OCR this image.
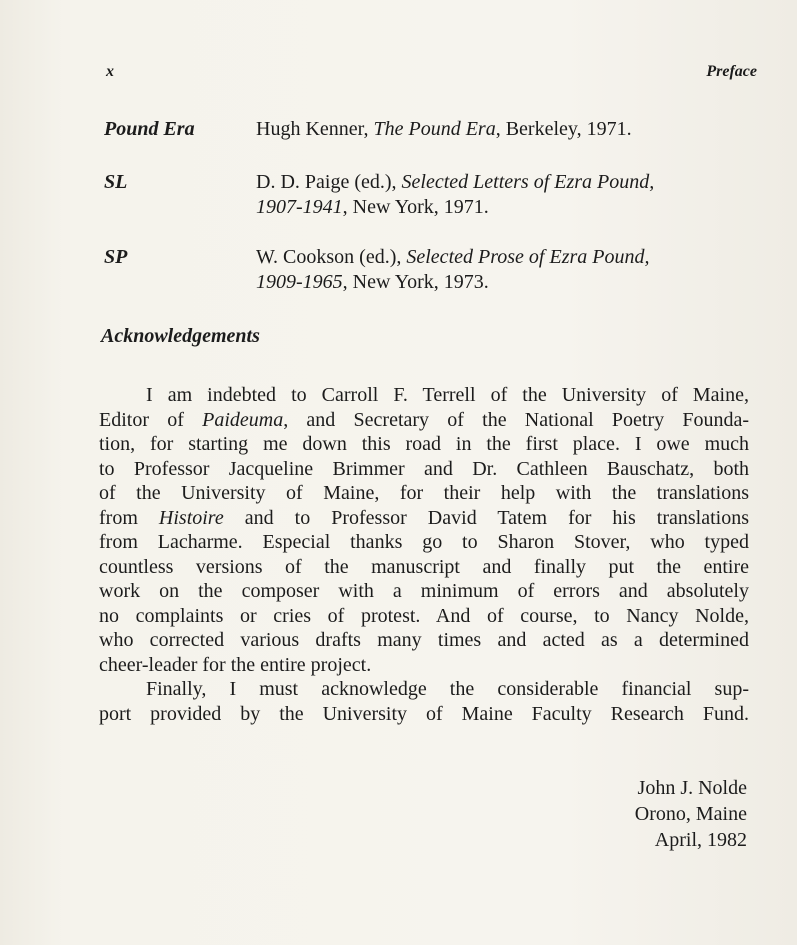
x	Preface
Pound Era	Hugh Kenner, The Pound Era, Berkeley, 1971.
SL	D. D. Paige (ed.), Selected Letters of Ezra Pound,
1907-1941, New York, 1971.
SP	W. Cookson (ed.), Selected Prose of Ezra Pound,
1909-1965, New York, 1973.
Acknowledgements
I am indebted to Carroll F. Terrell of the University of Maine,
Editor of Paideuma, and Secretary of the National Poetry Founda-
tion, for starting me down this road in the first place. I owe much
to Professor Jacqueline Brimmer and Dr. Cathleen Bauschatz, both
of the University of Maine, for their help with the translations
from Histoire and to Professor David Tatem for his translations
from Lacharme. Especial thanks go to Sharon Stover, who typed
countless versions of the manuscript and finally put the entire
work on the composer with a minimum of errors and absolutely
no complaints or cries of protest. And of course, to Nancy Nolde,
who corrected various drafts many times and acted as a determined
cheer-leader for the entire project.
Finally, I must acknowledge the considerable financial sup-
port provided by the University of Maine Faculty Research Fund.
John J. Nolde
Orono, Maine
April, 1982
